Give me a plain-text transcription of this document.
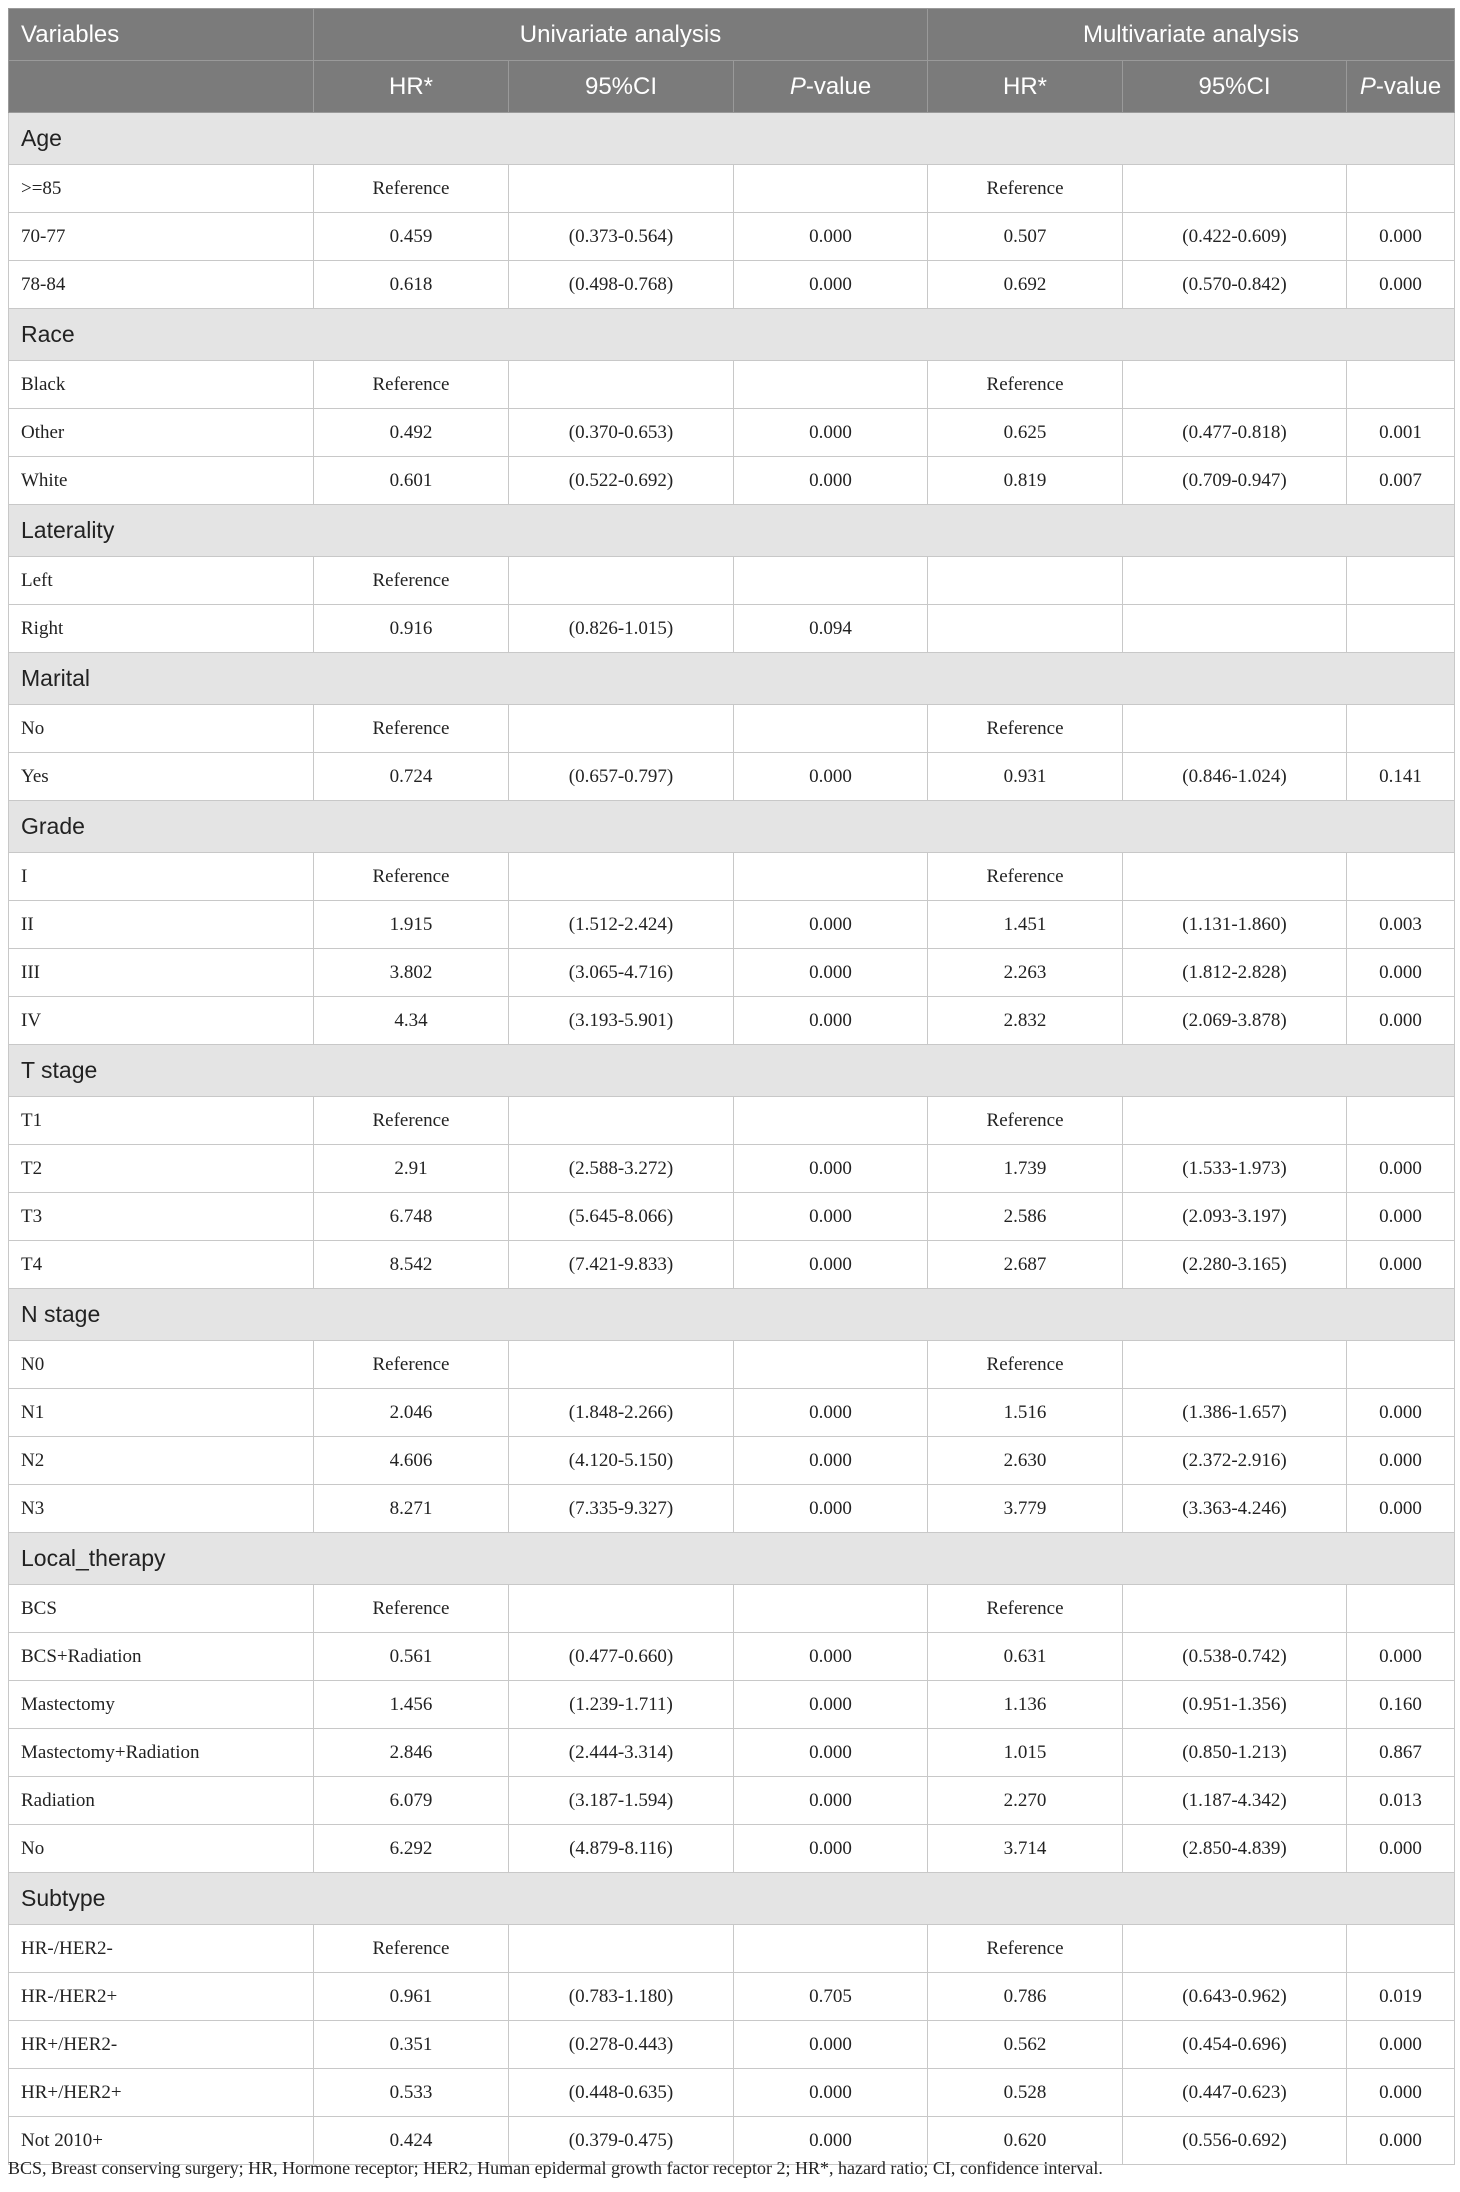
Variables	Univariate analysis			Multivariate analysis		
	HR*	95%CI	P-value	HR*	95%CI	P-value
Age						
>=85	Reference			Reference		
70-77	0.459	(0.373-0.564)	0.000	0.507	(0.422-0.609)	0.000
78-84	0.618	(0.498-0.768)	0.000	0.692	(0.570-0.842)	0.000
Race						
Black	Reference			Reference		
Other	0.492	(0.370-0.653)	0.000	0.625	(0.477-0.818)	0.001
White	0.601	(0.522-0.692)	0.000	0.819	(0.709-0.947)	0.007
Laterality						
Left	Reference					
Right	0.916	(0.826-1.015)	0.094			
Marital						
No	Reference			Reference		
Yes	0.724	(0.657-0.797)	0.000	0.931	(0.846-1.024)	0.141
Grade						
I	Reference			Reference		
II	1.915	(1.512-2.424)	0.000	1.451	(1.131-1.860)	0.003
III	3.802	(3.065-4.716)	0.000	2.263	(1.812-2.828)	0.000
IV	4.34	(3.193-5.901)	0.000	2.832	(2.069-3.878)	0.000
T stage						
T1	Reference			Reference		
T2	2.91	(2.588-3.272)	0.000	1.739	(1.533-1.973)	0.000
T3	6.748	(5.645-8.066)	0.000	2.586	(2.093-3.197)	0.000
T4	8.542	(7.421-9.833)	0.000	2.687	(2.280-3.165)	0.000
N stage						
N0	Reference			Reference		
N1	2.046	(1.848-2.266)	0.000	1.516	(1.386-1.657)	0.000
N2	4.606	(4.120-5.150)	0.000	2.630	(2.372-2.916)	0.000
N3	8.271	(7.335-9.327)	0.000	3.779	(3.363-4.246)	0.000
Local_therapy						
BCS	Reference			Reference		
BCS+Radiation	0.561	(0.477-0.660)	0.000	0.631	(0.538-0.742)	0.000
Mastectomy	1.456	(1.239-1.711)	0.000	1.136	(0.951-1.356)	0.160
Mastectomy+Radiation	2.846	(2.444-3.314)	0.000	1.015	(0.850-1.213)	0.867
Radiation	6.079	(3.187-1.594)	0.000	2.270	(1.187-4.342)	0.013
No	6.292	(4.879-8.116)	0.000	3.714	(2.850-4.839)	0.000
Subtype						
HR-/HER2-	Reference			Reference		
HR-/HER2+	0.961	(0.783-1.180)	0.705	0.786	(0.643-0.962)	0.019
HR+/HER2-	0.351	(0.278-0.443)	0.000	0.562	(0.454-0.696)	0.000
HR+/HER2+	0.533	(0.448-0.635)	0.000	0.528	(0.447-0.623)	0.000
Not 2010+	0.424	(0.379-0.475)	0.000	0.620	(0.556-0.692)	0.000
BCS, Breast conserving surgery; HR, Hormone receptor; HER2, Human epidermal growth factor receptor 2; HR*, hazard ratio; CI, confidence interval.
